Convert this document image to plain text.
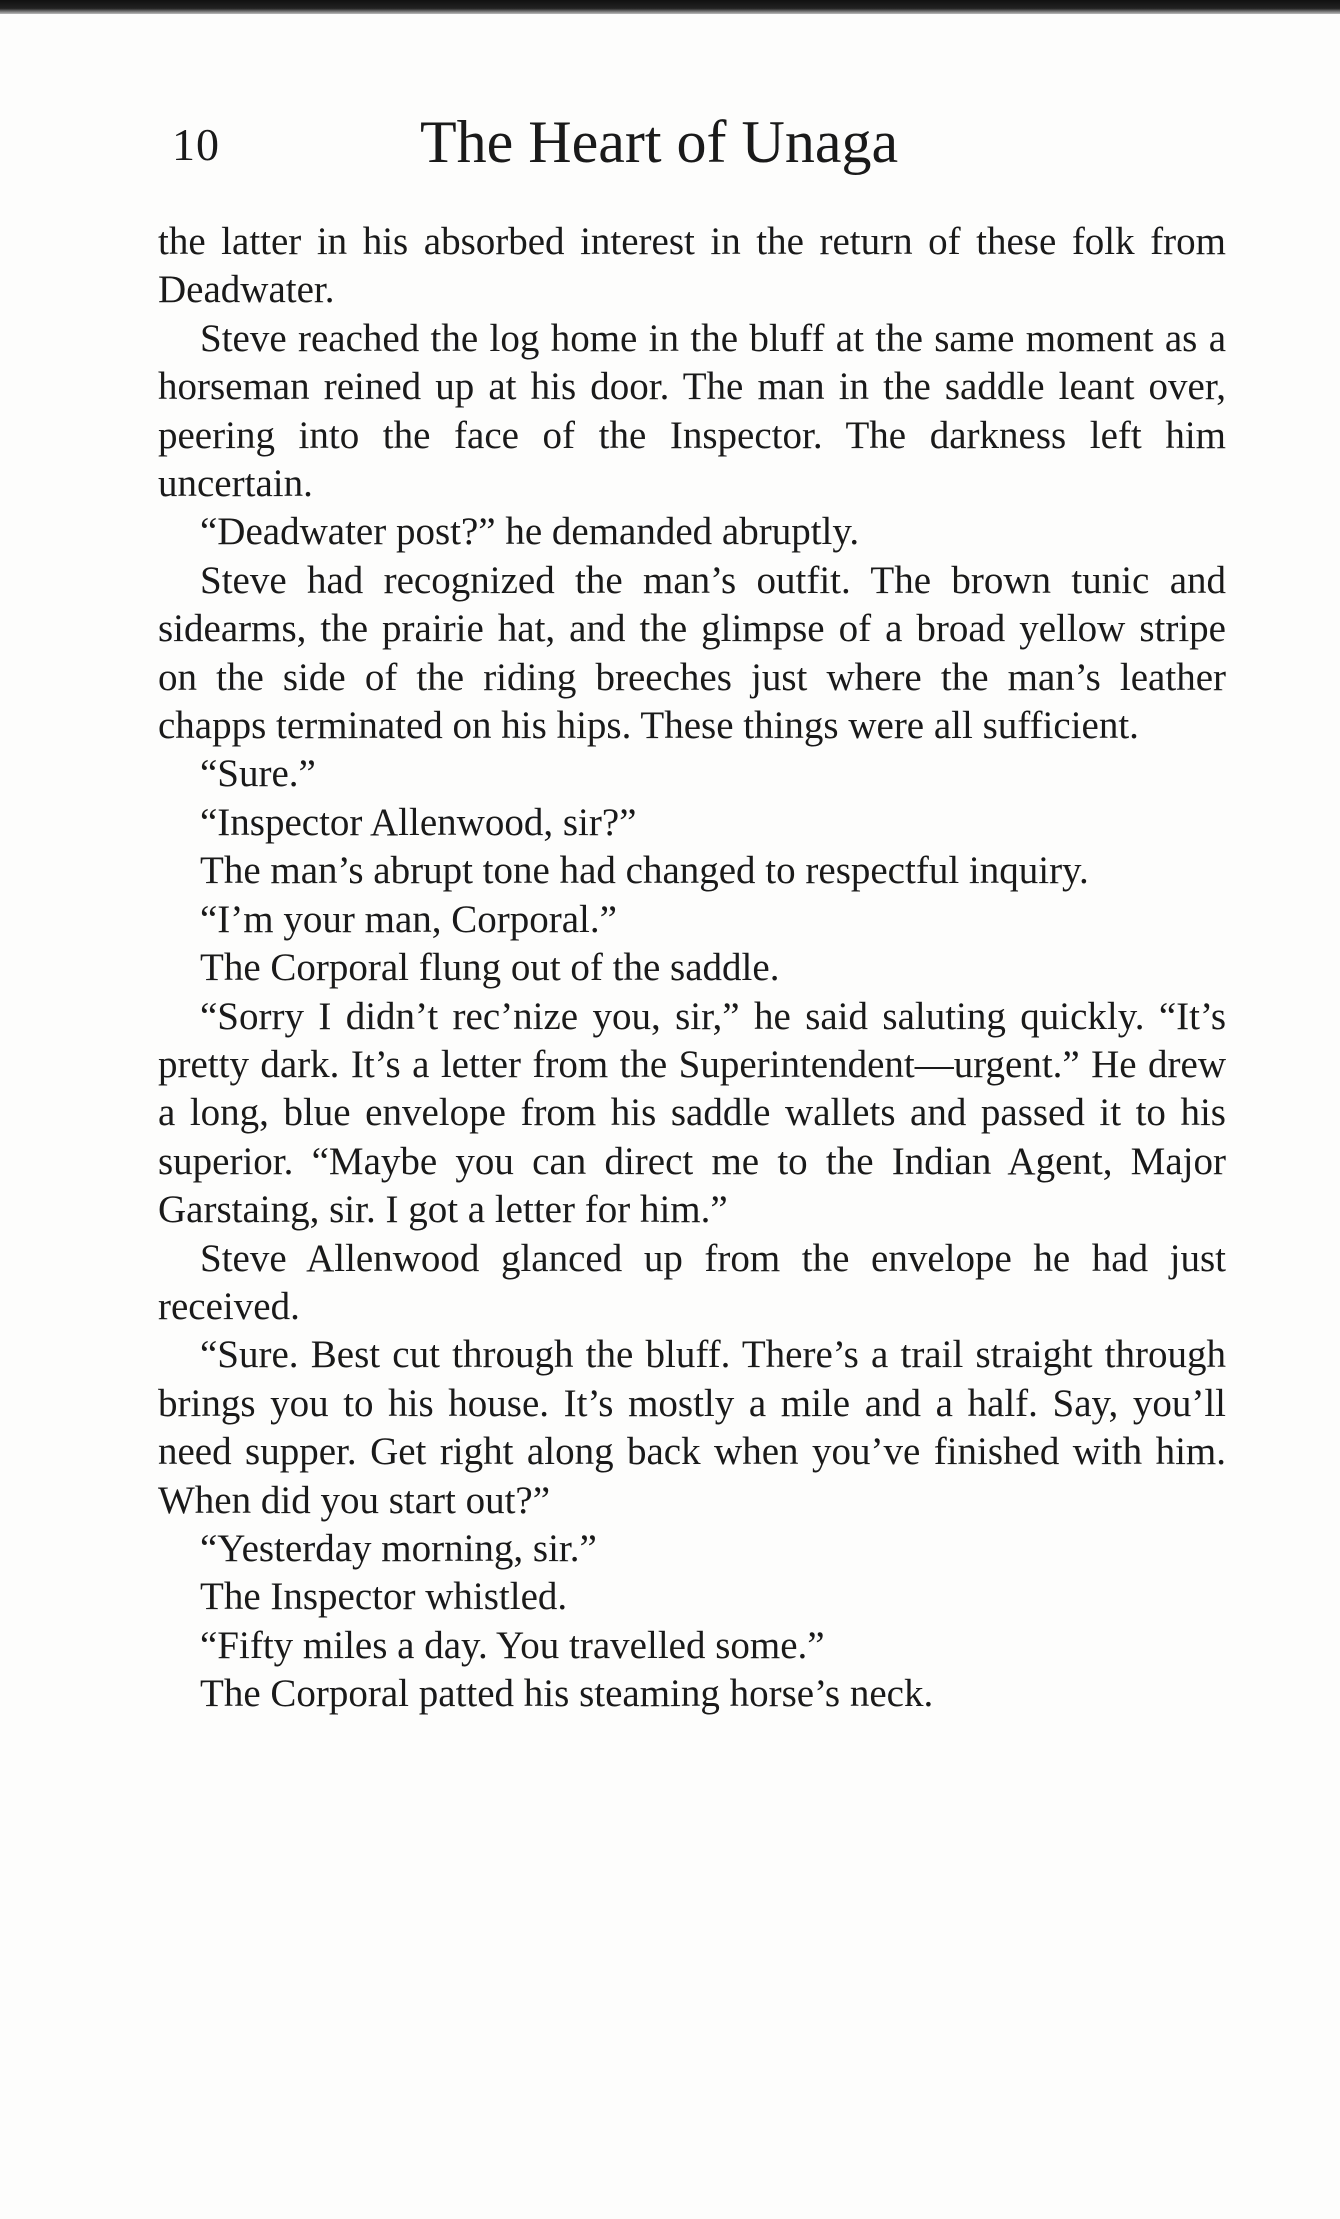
10	The Heart of Unaga

the latter in his absorbed interest in the return of these folk from Deadwater.

Steve reached the log home in the bluff at the same moment as a horseman reined up at his door. The man in the saddle leant over, peering into the face of the Inspector. The darkness left him uncertain.

“Deadwater post?” he demanded abruptly.

Steve had recognized the man’s outfit. The brown tunic and sidearms, the prairie hat, and the glimpse of a broad yellow stripe on the side of the riding breeches just where the man’s leather chapps terminated on his hips. These things were all sufficient.

“Sure.”

“Inspector Allenwood, sir?”

The man’s abrupt tone had changed to respectful inquiry.

“I’m your man, Corporal.”

The Corporal flung out of the saddle.

“Sorry I didn’t rec’nize you, sir,” he said saluting quickly. “It’s pretty dark. It’s a letter from the Superintendent—urgent.” He drew a long, blue envelope from his saddle wallets and passed it to his superior. “Maybe you can direct me to the Indian Agent, Major Garstaing, sir. I got a letter for him.”

Steve Allenwood glanced up from the envelope he had just received.

“Sure. Best cut through the bluff. There’s a trail straight through brings you to his house. It’s mostly a mile and a half. Say, you’ll need supper. Get right along back when you’ve finished with him. When did you start out?”

“Yesterday morning, sir.”

The Inspector whistled.

“Fifty miles a day. You travelled some.”

The Corporal patted his steaming horse’s neck.
